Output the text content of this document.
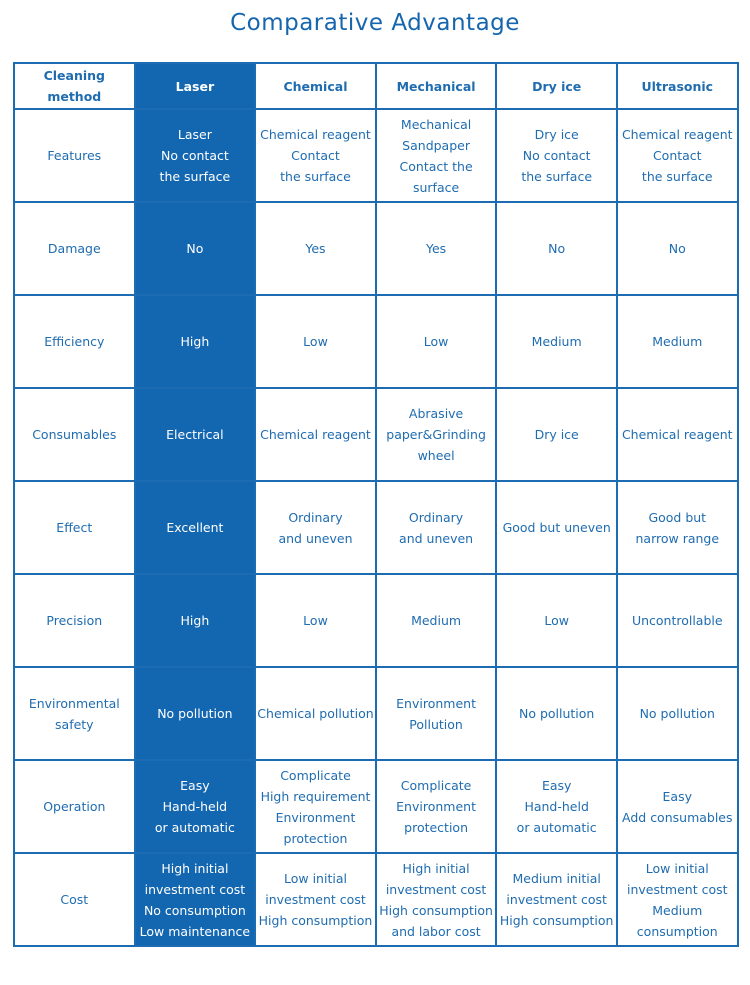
Comparative Advantage
Cleaning method	Laser	Chemical	Mechanical	Dry ice	Ultrasonic
Features	Laser
No contact
the surface	Chemical reagent
Contact
the surface	Mechanical
Sandpaper
Contact the surface	Dry ice
No contact
the surface	Chemical reagent
Contact
the surface
Damage	No	Yes	Yes	No	No
Efficiency	High	Low	Low	Medium	Medium
Consumables	Electrical	Chemical reagent	Abrasive
paper&Grinding
wheel	Dry ice	Chemical reagent
Effect	Excellent	Ordinary
and uneven	Ordinary
and uneven	Good but uneven	Good but
narrow range
Precision	High	Low	Medium	Low	Uncontrollable
Environmental
safety	No pollution	Chemical pollution	Environment
Pollution	No pollution	No pollution
Operation	Easy
Hand-held
or automatic	Complicate
High requirement
Environment
protection	Complicate
Environment
protection	Easy
Hand-held
or automatic	Easy
Add consumables
Cost	High initial
investment cost
No consumption
Low maintenance	Low initial
investment cost
High consumption	High initial
investment cost
High consumption
and labor cost	Medium initial
investment cost
High consumption	Low initial
investment cost
Medium
consumption
